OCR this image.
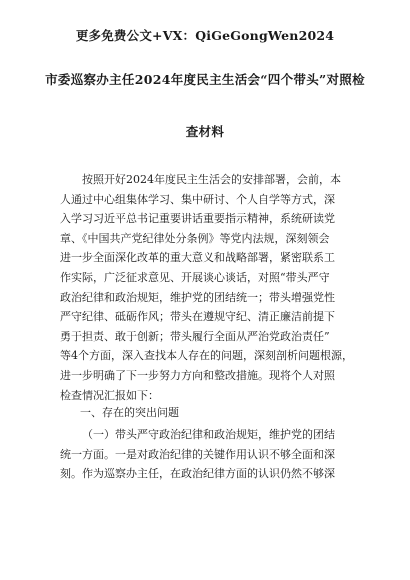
更多免费公文+VX：QiGeGongWen2024
市委巡察办主任2024年度民主生活会“四个带头”对照检
查材料
按照开好2024年度民主生活会的安排部署，会前，本
人通过中心组集体学习、集中研讨、个人自学等方式，深
入学习习近平总书记重要讲话重要指示精神，系统研读党
章、《中国共产党纪律处分条例》等党内法规，深刻领会
进一步全面深化改革的重大意义和战略部署，紧密联系工
作实际，广泛征求意见、开展谈心谈话，对照“带头严守
政治纪律和政治规矩，维护党的团结统一；带头增强党性
严守纪律、砥砺作风；带头在遵规守纪、清正廉洁前提下
勇于担责、敢于创新；带头履行全面从严治党政治责任”
等4个方面，深入查找本人存在的问题，深刻剖析问题根源，
进一步明确了下一步努力方向和整改措施。现将个人对照
检查情况汇报如下：
一、存在的突出问题
（一）带头严守政治纪律和政治规矩，维护党的团结
统一方面。一是对政治纪律的关键作用认识不够全面和深
刻。作为巡察办主任，在政治纪律方面的认识仍然不够深
